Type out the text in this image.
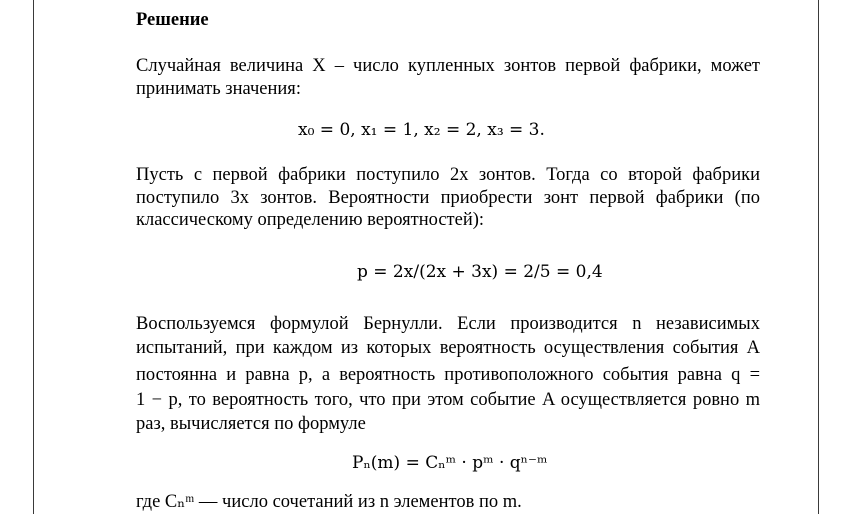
Решение
Случайная величина X – число купленных зонтов первой фабрики, может
принимать значения:
x₀ = 0, x₁ = 1, x₂ = 2, x₃ = 3.
Пусть с первой фабрики поступило 2x зонтов. Тогда со второй фабрики
поступило 3x зонтов. Вероятности приобрести зонт первой фабрики (по
классическому определению вероятностей):
p = 2x/(2x + 3x) = 2/5 = 0,4
Воспользуемся формулой Бернулли. Если производится n независимых
испытаний, при каждом из которых вероятность осуществления события A
постоянна и равна p, а вероятность противоположного события равна q =
1 − p, то вероятность того, что при этом событие A осуществляется ровно m
раз, вычисляется по формуле
Pₙ(m) = Cₙᵐ · pᵐ · qⁿ⁻ᵐ
где Cₙᵐ — число сочетаний из n элементов по m.
